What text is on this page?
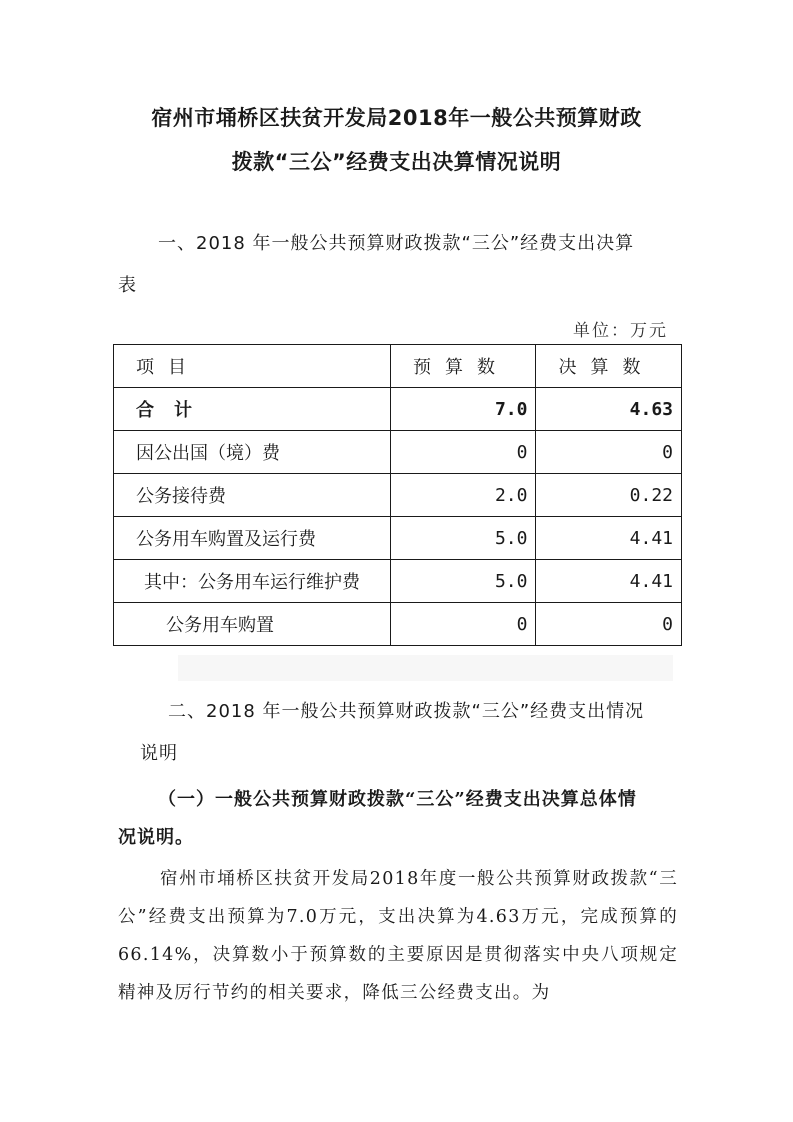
宿州市埇桥区扶贫开发局2018年一般公共预算财政
拨款“三公”经费支出决算情况说明
一、2018 年一般公共预算财政拨款“三公”经费支出决算
表
单位：万元
项目	预算数	决算数
合计	7.0	4.63
因公出国（境）费	0	0
公务接待费	2.0	0.22
公务用车购置及运行费	5.0	4.41
其中：公务用车运行维护费	5.0	4.41
公务用车购置	0	0
二、2018 年一般公共预算财政拨款“三公”经费支出情况
说明
（一）一般公共预算财政拨款“三公”经费支出决算总体情
况说明。
宿州市埇桥区扶贫开发局2018年度一般公共预算财政拨款“三公”经费支出预算为7.0万元，支出决算为4.63万元，完成预算的66.14%，决算数小于预算数的主要原因是贯彻落实中央八项规定精神及厉行节约的相关要求，降低三公经费支出。为
